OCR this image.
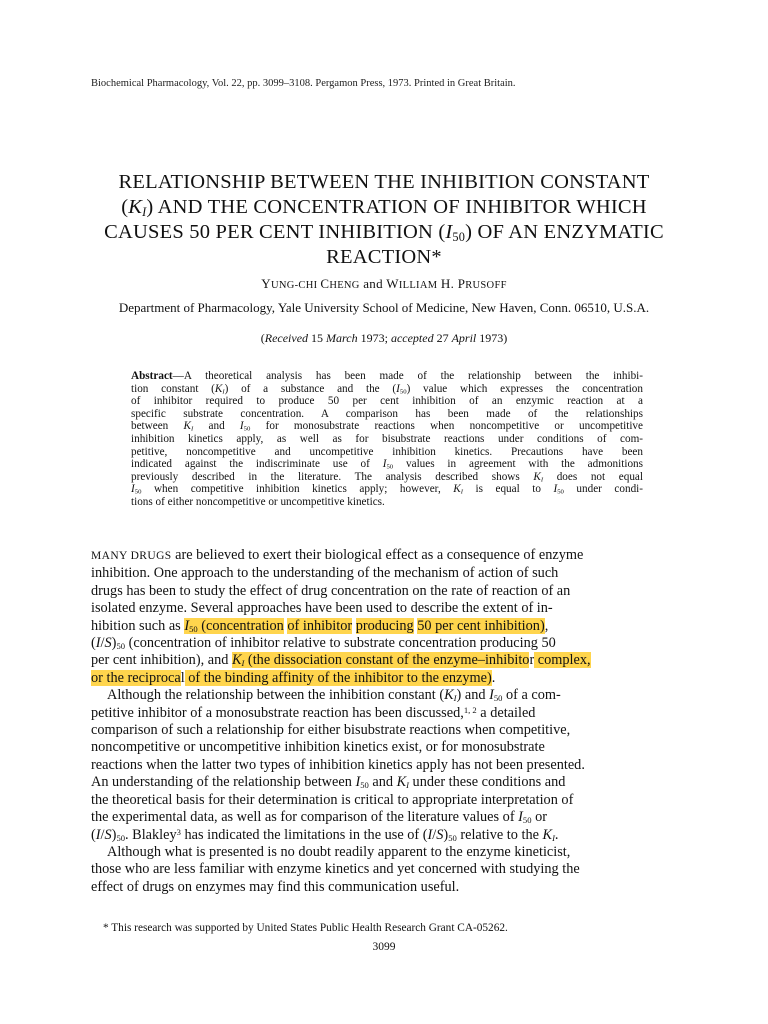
Biochemical Pharmacology, Vol. 22, pp. 3099–3108. Pergamon Press, 1973. Printed in Great Britain.
RELATIONSHIP BETWEEN THE INHIBITION CONSTANT
$(K_I)$ AND THE CONCENTRATION OF INHIBITOR WHICH
CAUSES 50 PER CENT INHIBITION $(I_{50})$ OF AN ENZYMATIC
REACTION*
YUNG-CHI CHENG and WILLIAM H. PRUSOFF
Department of Pharmacology, Yale University School of Medicine, New Haven, Conn. 06510, U.S.A.
(Received 15 March 1973; accepted 27 April 1973)
Abstract—A theoretical analysis has been made of the relationship between the inhibi-
tion constant $(K_I)$ of a substance and the $(I_{50})$ value which expresses the concentration
of inhibitor required to produce 50 per cent inhibition of an enzymic reaction at a
specific substrate concentration. A comparison has been made of the relationships
between $K_I$ and $I_{50}$ for monosubstrate reactions when noncompetitive or uncompetitive
inhibition kinetics apply, as well as for bisubstrate reactions under conditions of com-
petitive, noncompetitive and uncompetitive inhibition kinetics. Precautions have been
indicated against the indiscriminate use of $I_{50}$ values in agreement with the admonitions
previously described in the literature. The analysis described shows $K_I$ does not equal
$I_{50}$ when competitive inhibition kinetics apply; however, $K_I$ is equal to $I_{50}$ under condi-
tions of either noncompetitive or uncompetitive kinetics.
MANY DRUGS are believed to exert their biological effect as a consequence of enzyme
inhibition. One approach to the understanding of the mechanism of action of such
drugs has been to study the effect of drug concentration on the rate of reaction of an
isolated enzyme. Several approaches have been used to describe the extent of in-
hibition such as $I_{50}$ (concentration of inhibitor producing 50 per cent inhibition),
$(I/S)_{50}$ (concentration of inhibitor relative to substrate concentration producing 50
per cent inhibition), and $K_I$ (the dissociation constant of the enzyme–inhibitor complex,
or the reciprocal of the binding affinity of the inhibitor to the enzyme).
Although the relationship between the inhibition constant $(K_I)$ and $I_{50}$ of a com-
petitive inhibitor of a monosubstrate reaction has been discussed,$^{1, 2}$ a detailed
comparison of such a relationship for either bisubstrate reactions when competitive,
noncompetitive or uncompetitive inhibition kinetics exist, or for monosubstrate
reactions when the latter two types of inhibition kinetics apply has not been presented.
An understanding of the relationship between $I_{50}$ and $K_I$ under these conditions and
the theoretical basis for their determination is critical to appropriate interpretation of
the experimental data, as well as for comparison of the literature values of $I_{50}$ or
$(I/S)_{50}$. Blakley$^3$ has indicated the limitations in the use of $(I/S)_{50}$ relative to the $K_I$.
Although what is presented is no doubt readily apparent to the enzyme kineticist,
those who are less familiar with enzyme kinetics and yet concerned with studying the
effect of drugs on enzymes may find this communication useful.
* This research was supported by United States Public Health Research Grant CA-05262.
3099
